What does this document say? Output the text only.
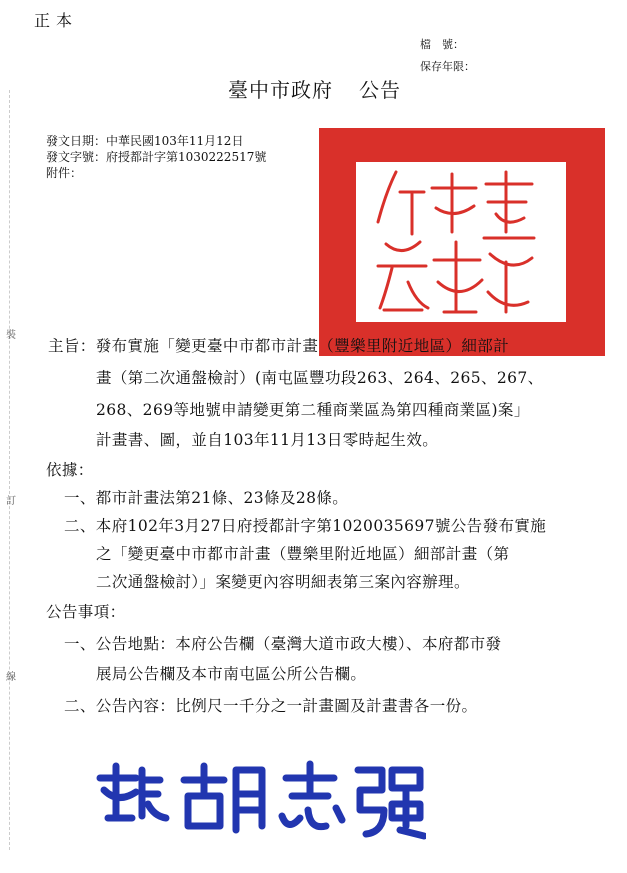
裝
訂
線
正本
檔　號：
保存年限：
臺中市政府 公告
發文日期：中華民國103年11月12日
發文字號：府授都計字第1030222517號
附件：
主旨：發布實施「變更臺中市都市計畫（豐樂里附近地區）細部計
畫（第二次通盤檢討）(南屯區豐功段263、264、265、267、
268、269等地號申請變更第二種商業區為第四種商業區)案」
計畫書、圖，並自103年11月13日零時起生效。
依據：
一、都市計畫法第21條、23條及28條。
二、本府102年3月27日府授都計字第1020035697號公告發布實施
之「變更臺中市都市計畫（豐樂里附近地區）細部計畫（第
二次通盤檢討）」案變更內容明細表第三案內容辦理。
公告事項：
一、公告地點：本府公告欄（臺灣大道市政大樓）、本府都市發
展局公告欄及本市南屯區公所公告欄。
二、公告內容：比例尺一千分之一計畫圖及計畫書各一份。
